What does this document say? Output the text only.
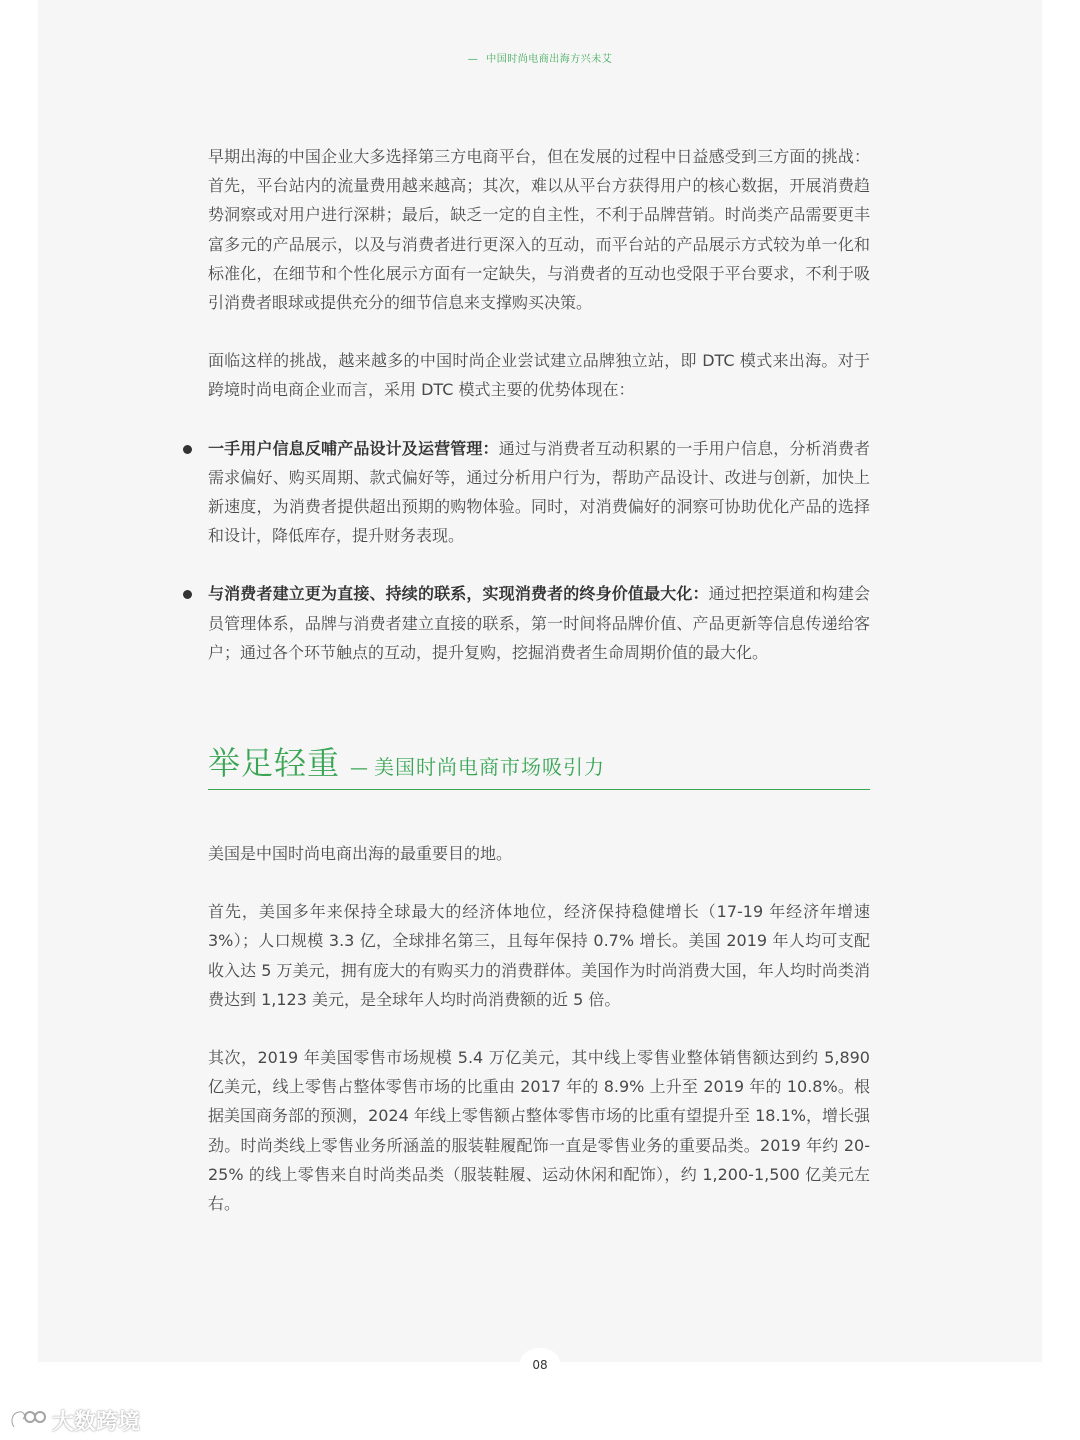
— 中国时尚电商出海方兴未艾

早期出海的中国企业大多选择第三方电商平台，但在发展的过程中日益感受到三方面的挑战：首先，平台站内的流量费用越来越高；其次，难以从平台方获得用户的核心数据，开展消费趋势洞察或对用户进行深耕；最后，缺乏一定的自主性，不利于品牌营销。时尚类产品需要更丰富多元的产品展示，以及与消费者进行更深入的互动，而平台站的产品展示方式较为单一化和标准化，在细节和个性化展示方面有一定缺失，与消费者的互动也受限于平台要求，不利于吸引消费者眼球或提供充分的细节信息来支撑购买决策。

面临这样的挑战，越来越多的中国时尚企业尝试建立品牌独立站，即 DTC 模式来出海。对于跨境时尚电商企业而言，采用 DTC 模式主要的优势体现在：

一手用户信息反哺产品设计及运营管理：通过与消费者互动积累的一手用户信息，分析消费者需求偏好、购买周期、款式偏好等，通过分析用户行为，帮助产品设计、改进与创新，加快上新速度，为消费者提供超出预期的购物体验。同时，对消费偏好的洞察可协助优化产品的选择和设计，降低库存，提升财务表现。

与消费者建立更为直接、持续的联系，实现消费者的终身价值最大化：通过把控渠道和构建会员管理体系，品牌与消费者建立直接的联系，第一时间将品牌价值、产品更新等信息传递给客户；通过各个环节触点的互动，提升复购，挖掘消费者生命周期价值的最大化。

举足轻重 — 美国时尚电商市场吸引力

美国是中国时尚电商出海的最重要目的地。

首先，美国多年来保持全球最大的经济体地位，经济保持稳健增长（17-19 年经济年增速 3%）；人口规模 3.3 亿，全球排名第三，且每年保持 0.7% 增长。美国 2019 年人均可支配收入达 5 万美元，拥有庞大的有购买力的消费群体。美国作为时尚消费大国，年人均时尚类消费达到 1,123 美元，是全球年人均时尚消费额的近 5 倍。

其次，2019 年美国零售市场规模 5.4 万亿美元，其中线上零售业整体销售额达到约 5,890 亿美元，线上零售占整体零售市场的比重由 2017 年的 8.9% 上升至 2019 年的 10.8%。根据美国商务部的预测，2024 年线上零售额占整体零售市场的比重有望提升至 18.1%，增长强劲。时尚类线上零售业务所涵盖的服装鞋履配饰一直是零售业务的重要品类。2019 年约 20-25% 的线上零售来自时尚类品类（服装鞋履、运动休闲和配饰），约 1,200-1,500 亿美元左右。

08
大数跨境
